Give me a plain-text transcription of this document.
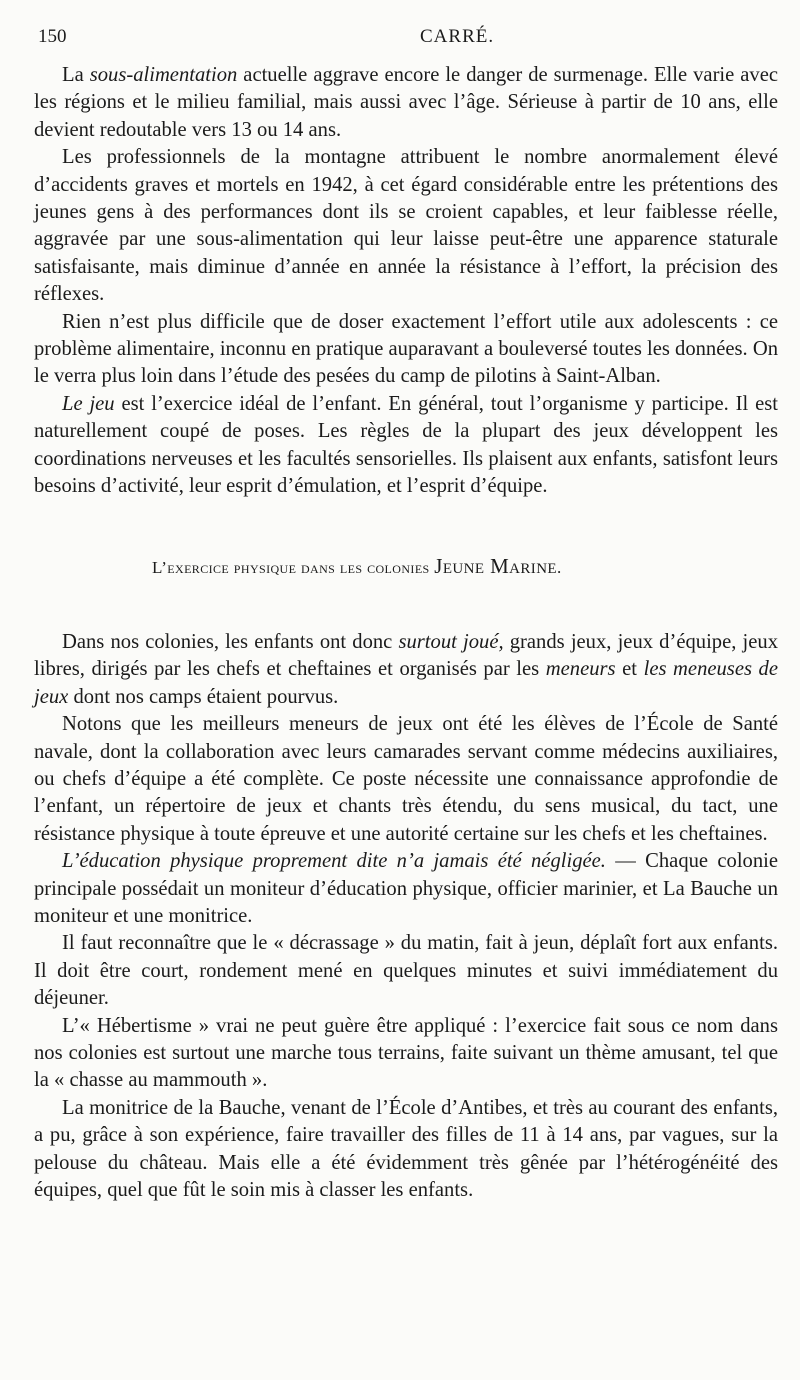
150	CARRÉ.

La sous-alimentation actuelle aggrave encore le danger de surmenage. Elle varie avec les régions et le milieu familial, mais aussi avec l’âge. Sérieuse à partir de 10 ans, elle devient redoutable vers 13 ou 14 ans.

Les professionnels de la montagne attribuent le nombre anormalement élevé d’accidents graves et mortels en 1942, à cet égard considérable entre les prétentions des jeunes gens à des performances dont ils se croient capables, et leur faiblesse réelle, aggravée par une sous-alimentation qui leur laisse peut-être une apparence staturale satisfaisante, mais diminue d’année en année la résistance à l’effort, la précision des réflexes.

Rien n’est plus difficile que de doser exactement l’effort utile aux adolescents : ce problème alimentaire, inconnu en pratique auparavant a bouleversé toutes les données. On le verra plus loin dans l’étude des pesées du camp de pilotins à Saint-Alban.

Le jeu est l’exercice idéal de l’enfant. En général, tout l’organisme y participe. Il est naturellement coupé de poses. Les règles de la plupart des jeux développent les coordinations nerveuses et les facultés sensorielles. Ils plaisent aux enfants, satisfont leurs besoins d’activité, leur esprit d’émulation, et l’esprit d’équipe.

L’exercice physique dans les colonies Jeune Marine.

Dans nos colonies, les enfants ont donc surtout joué, grands jeux, jeux d’équipe, jeux libres, dirigés par les chefs et cheftaines et organisés par les meneurs et les meneuses de jeux dont nos camps étaient pourvus.

Notons que les meilleurs meneurs de jeux ont été les élèves de l’École de Santé navale, dont la collaboration avec leurs camarades servant comme médecins auxiliaires, ou chefs d’équipe a été complète. Ce poste nécessite une connaissance approfondie de l’enfant, un répertoire de jeux et chants très étendu, du sens musical, du tact, une résistance physique à toute épreuve et une autorité certaine sur les chefs et les cheftaines.

L’éducation physique proprement dite n’a jamais été négligée. — Chaque colonie principale possédait un moniteur d’éducation physique, officier marinier, et La Bauche un moniteur et une monitrice.

Il faut reconnaître que le « décrassage » du matin, fait à jeun, déplaît fort aux enfants. Il doit être court, rondement mené en quelques minutes et suivi immédiatement du déjeuner.

L’« Hébertisme » vrai ne peut guère être appliqué : l’exercice fait sous ce nom dans nos colonies est surtout une marche tous terrains, faite suivant un thème amusant, tel que la « chasse au mammouth ».

La monitrice de la Bauche, venant de l’École d’Antibes, et très au courant des enfants, a pu, grâce à son expérience, faire travailler des filles de 11 à 14 ans, par vagues, sur la pelouse du château. Mais elle a été évidemment très gênée par l’hétérogénéité des équipes, quel que fût le soin mis à classer les enfants.
